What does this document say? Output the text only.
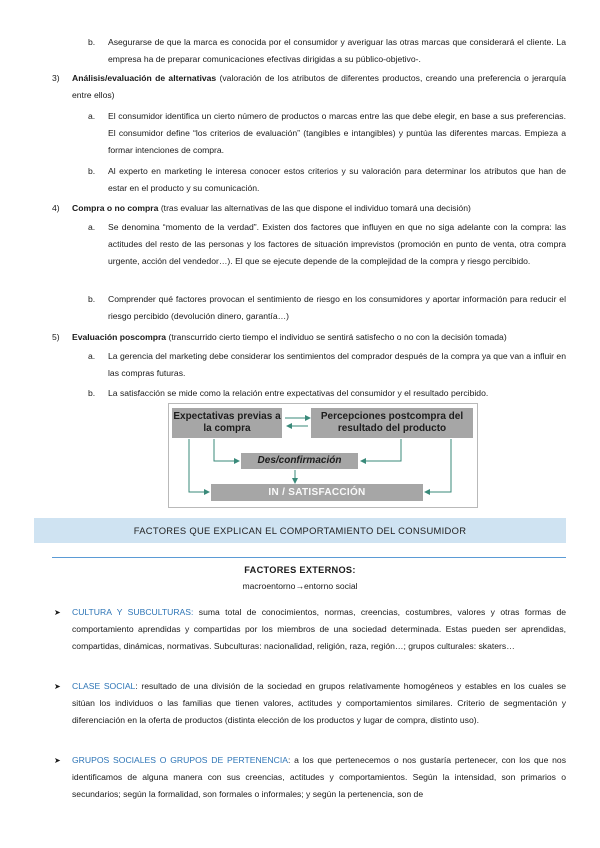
b.	Asegurarse de que la marca es conocida por el consumidor y averiguar las otras marcas que considerará el cliente. La empresa ha de preparar comunicaciones efectivas dirigidas a su público-objetivo-.
3)	Análisis/evaluación de alternativas (valoración de los atributos de diferentes productos, creando una preferencia o jerarquía entre ellos)
a.	El consumidor identifica un cierto número de productos o marcas entre las que debe elegir, en base a sus preferencias. El consumidor define “los criterios de evaluación” (tangibles e intangibles) y puntúa las diferentes marcas. Empieza a formar intenciones de compra.
b.	Al experto en marketing le interesa conocer estos criterios y su valoración para determinar los atributos que han de estar en el producto y su comunicación.
4)	Compra o no compra (tras evaluar las alternativas de las que dispone el individuo tomará una decisión)
a.	Se denomina “momento de la verdad”. Existen dos factores que influyen en que no siga adelante con la compra: las actitudes del resto de las personas y los factores de situación imprevistos (promoción en punto de venta, otra compra urgente, acción del vendedor…). El que se ejecute depende de la complejidad de la compra y riesgo percibido.
b.	Comprender qué factores provocan el sentimiento de riesgo en los consumidores y aportar información para reducir el riesgo percibido (devolución dinero, garantía…)
5)	Evaluación poscompra (transcurrido cierto tiempo el individuo se sentirá satisfecho o no con la decisión tomada)
a.	La gerencia del marketing debe considerar los sentimientos del comprador después de la compra ya que van a influir en las compras futuras.
b.	La satisfacción se mide como la relación entre expectativas del consumidor y el resultado percibido.
Expectativas previas a la compra
Percepciones postcompra del resultado del producto
Des/confirmación
IN / SATISFACCIÓN
FACTORES QUE EXPLICAN EL COMPORTAMIENTO DEL CONSUMIDOR
FACTORES EXTERNOS:
macroentorno→entorno social
➤	CULTURA Y SUBCULTURAS: suma total de conocimientos, normas, creencias, costumbres, valores y otras formas de comportamiento aprendidas y compartidas por los miembros de una sociedad determinada. Estas pueden ser aprendidas, compartidas, dinámicas, normativas. Subculturas: nacionalidad, religión, raza, región…; grupos culturales: skaters…
➤	CLASE SOCIAL: resultado de una división de la sociedad en grupos relativamente homogéneos y estables en los cuales se sitúan los individuos o las familias que tienen valores, actitudes y comportamientos similares. Criterio de segmentación y diferenciación en la oferta de productos (distinta elección de los productos y lugar de compra, distinto uso).
➤	GRUPOS SOCIALES O GRUPOS DE PERTENENCIA: a los que pertenecemos o nos gustaría pertenecer, con los que nos identificamos de alguna manera con sus creencias, actitudes y comportamientos. Según la intensidad, son primarios o secundarios; según la formalidad, son formales o informales; y según la pertenencia, son de
